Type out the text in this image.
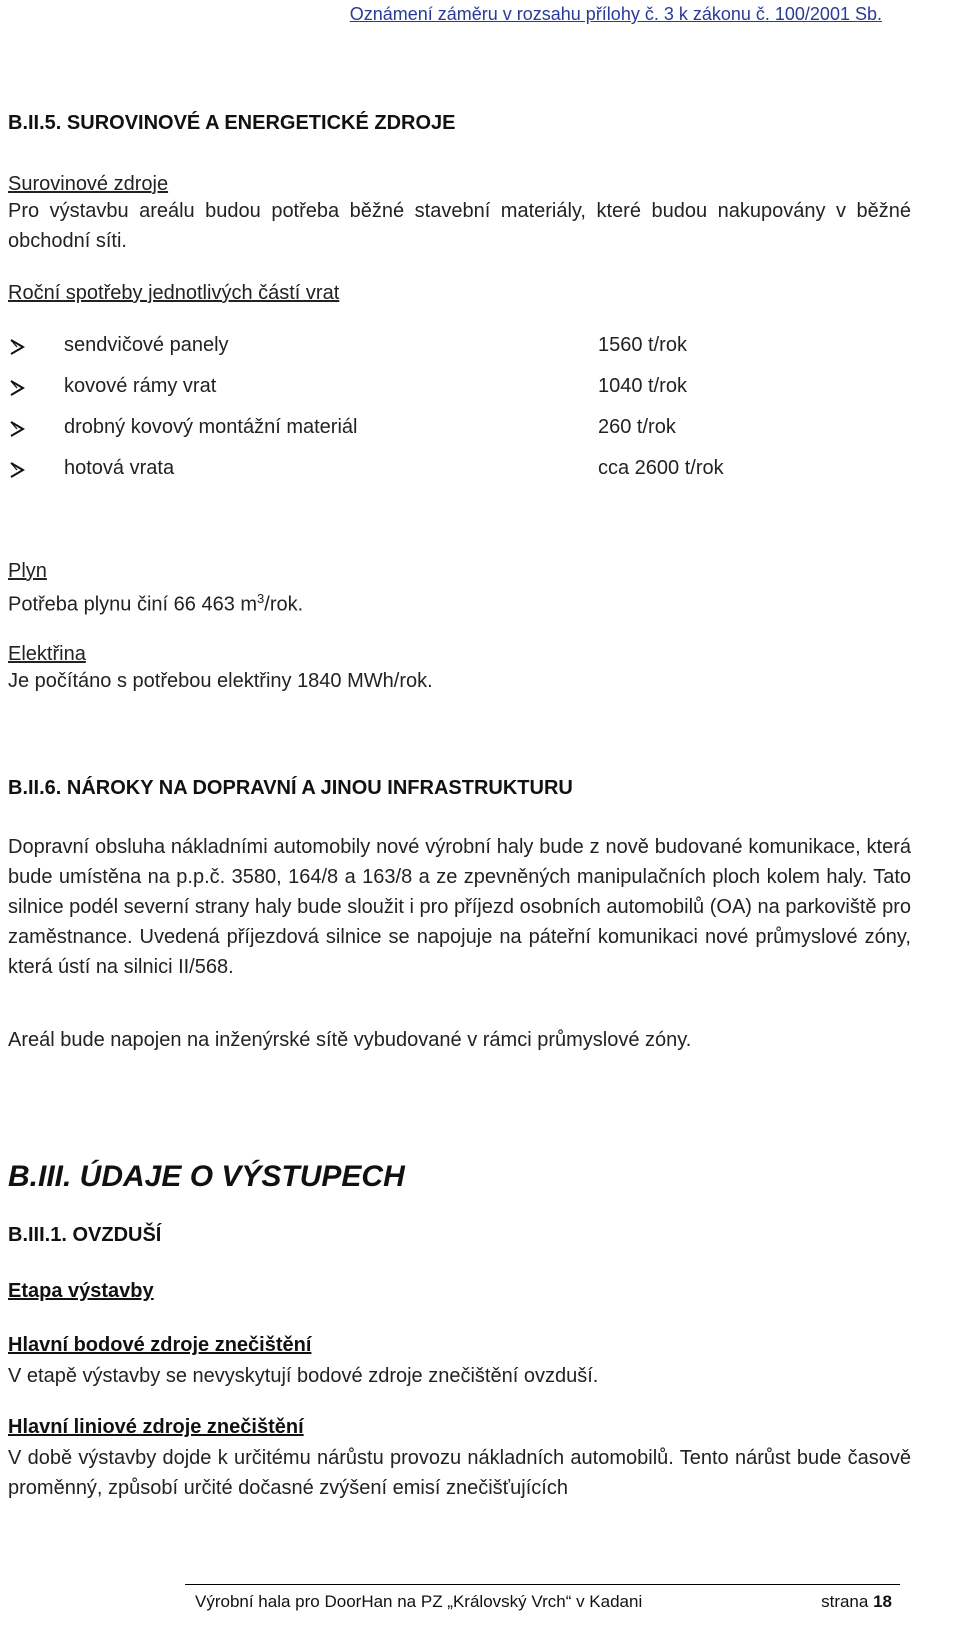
Oznámení záměru v rozsahu přílohy č. 3 k zákonu č. 100/2001 Sb.
B.II.5. SUROVINOVÉ A ENERGETICKÉ ZDROJE
Surovinové zdroje
Pro výstavbu areálu budou potřeba běžné stavební materiály, které budou nakupovány v běžné obchodní síti.
Roční spotřeby jednotlivých částí vrat
sendvičové panely	1560 t/rok
kovové rámy vrat	1040 t/rok
drobný kovový montážní materiál	260 t/rok
hotová vrata	cca 2600 t/rok
Plyn
Potřeba plynu činí 66 463 $m^3$/rok.
Elektřina
Je počítáno s potřebou elektřiny 1840 MWh/rok.
B.II.6. NÁROKY NA DOPRAVNÍ A JINOU INFRASTRUKTURU
Dopravní obsluha nákladními automobily nové výrobní haly bude z nově budované komunikace, která bude umístěna na p.p.č. 3580, 164/8 a 163/8 a ze zpevněných manipulačních ploch kolem haly. Tato silnice podél severní strany haly bude sloužit i pro příjezd osobních automobilů (OA) na parkoviště pro zaměstnance. Uvedená příjezdová silnice se napojuje na páteřní komunikaci nové průmyslové zóny, která ústí na silnici II/568.
Areál bude napojen na inženýrské sítě vybudované v rámci průmyslové zóny.
B.III. ÚDAJE O VÝSTUPECH
B.III.1. OVZDUŠÍ
Etapa výstavby
Hlavní bodové zdroje znečištění
V etapě výstavby se nevyskytují bodové zdroje znečištění ovzduší.
Hlavní liniové zdroje znečištění
V době výstavby dojde k určitému nárůstu provozu nákladních automobilů. Tento nárůst bude časově proměnný, způsobí určité dočasné zvýšení emisí znečišťujících
Výrobní hala pro DoorHan na PZ „Královský Vrch“ v Kadani	strana 18
